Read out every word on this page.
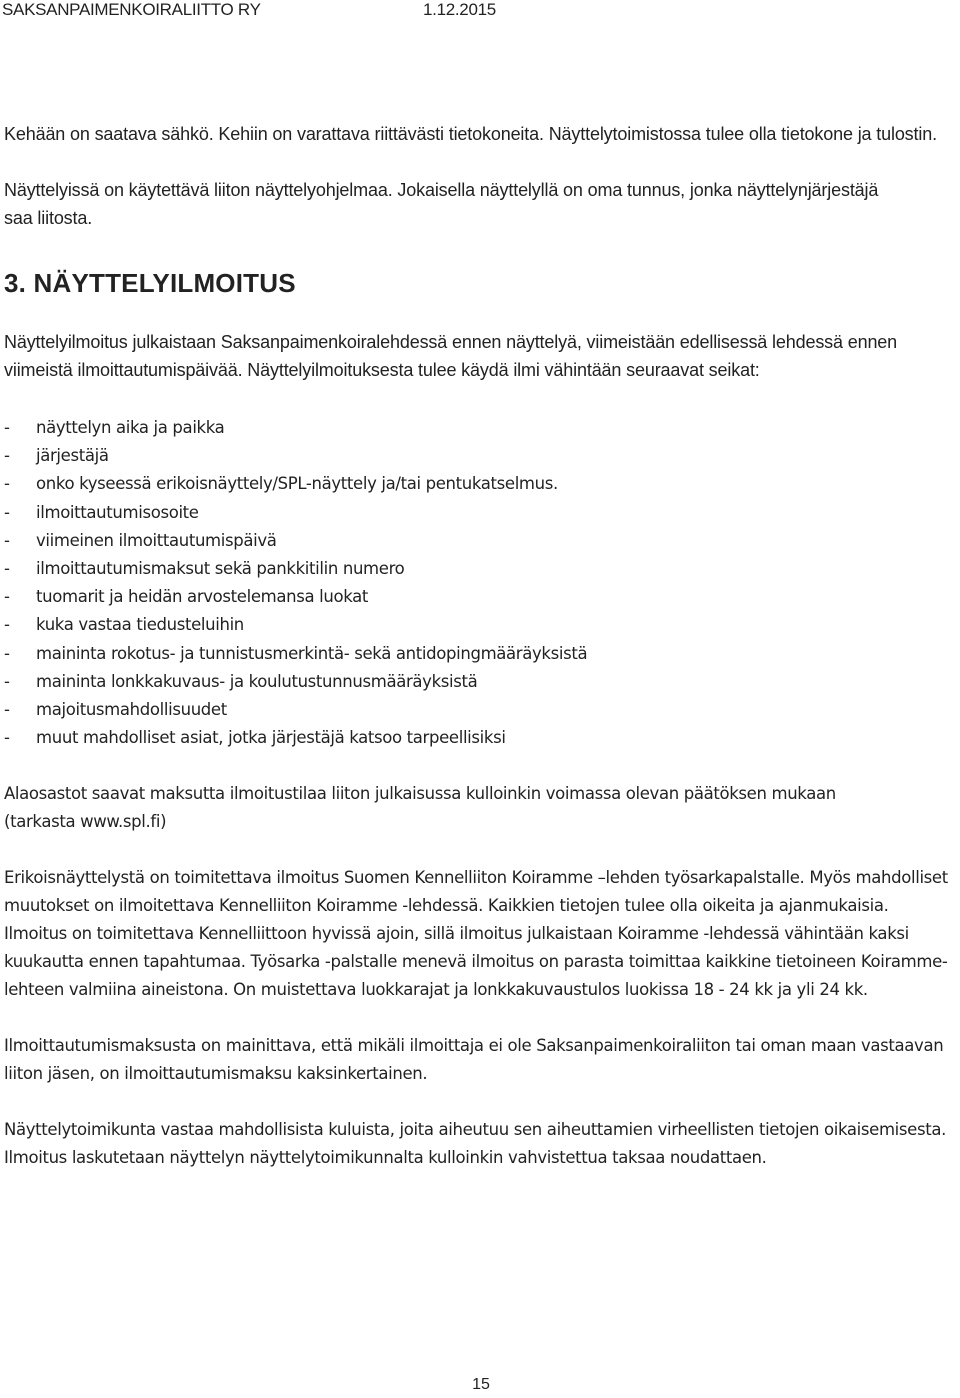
SAKSANPAIMENKOIRALIITTO RY	1.12.2015

Kehään on saatava sähkö. Kehiin on varattava riittävästi tietokoneita. Näyttelytoimistossa tulee olla tietokone ja tulostin.

Näyttelyissä on käytettävä liiton näyttelyohjelmaa. Jokaisella näyttelyllä on oma tunnus, jonka näyttelynjärjestäjä saa liitosta.

3. NÄYTTELYILMOITUS

Näyttelyilmoitus julkaistaan Saksanpaimenkoiralehdessä ennen näyttelyä, viimeistään edellisessä lehdessä ennen viimeistä ilmoittautumispäivää. Näyttelyilmoituksesta tulee käydä ilmi vähintään seuraavat seikat:

-	näyttelyn aika ja paikka
-	järjestäjä
-	onko kyseessä erikoisnäyttely/SPL-näyttely ja/tai pentukatselmus.
-	ilmoittautumisosoite
-	viimeinen ilmoittautumispäivä
-	ilmoittautumismaksut sekä pankkitilin numero
-	tuomarit ja heidän arvostelemansa luokat
-	kuka vastaa tiedusteluihin
-	maininta rokotus- ja tunnistusmerkintä- sekä antidopingmääräyksistä
-	maininta lonkkakuvaus- ja koulutustunnusmääräyksistä
-	majoitusmahdollisuudet
-	muut mahdolliset asiat, jotka järjestäjä katsoo tarpeellisiksi

Alaosastot saavat maksutta ilmoitustilaa liiton julkaisussa kulloinkin voimassa olevan päätöksen mukaan (tarkasta www.spl.fi)

Erikoisnäyttelystä on toimitettava ilmoitus Suomen Kennelliiton Koiramme –lehden työsarkapalstalle. Myös mahdolliset muutokset on ilmoitettava Kennelliiton Koiramme -lehdessä. Kaikkien tietojen tulee olla oikeita ja ajanmukaisia. Ilmoitus on toimitettava Kennelliittoon hyvissä ajoin, sillä ilmoitus julkaistaan Koiramme -lehdessä vähintään kaksi kuukautta ennen tapahtumaa. Työsarka -palstalle menevä ilmoitus on parasta toimittaa kaikkine tietoineen Koiramme-lehteen valmiina aineistona. On muistettava luokkarajat ja lonkkakuvaustulos luokissa 18 - 24 kk ja yli 24 kk.

Ilmoittautumismaksusta on mainittava, että mikäli ilmoittaja ei ole Saksanpaimenkoiraliiton tai oman maan vastaavan liiton jäsen, on ilmoittautumismaksu kaksinkertainen.

Näyttelytoimikunta vastaa mahdollisista kuluista, joita aiheutuu sen aiheuttamien virheellisten tietojen oikaisemisesta. Ilmoitus laskutetaan näyttelyn näyttelytoimikunnalta kulloinkin vahvistettua taksaa noudattaen.

15
